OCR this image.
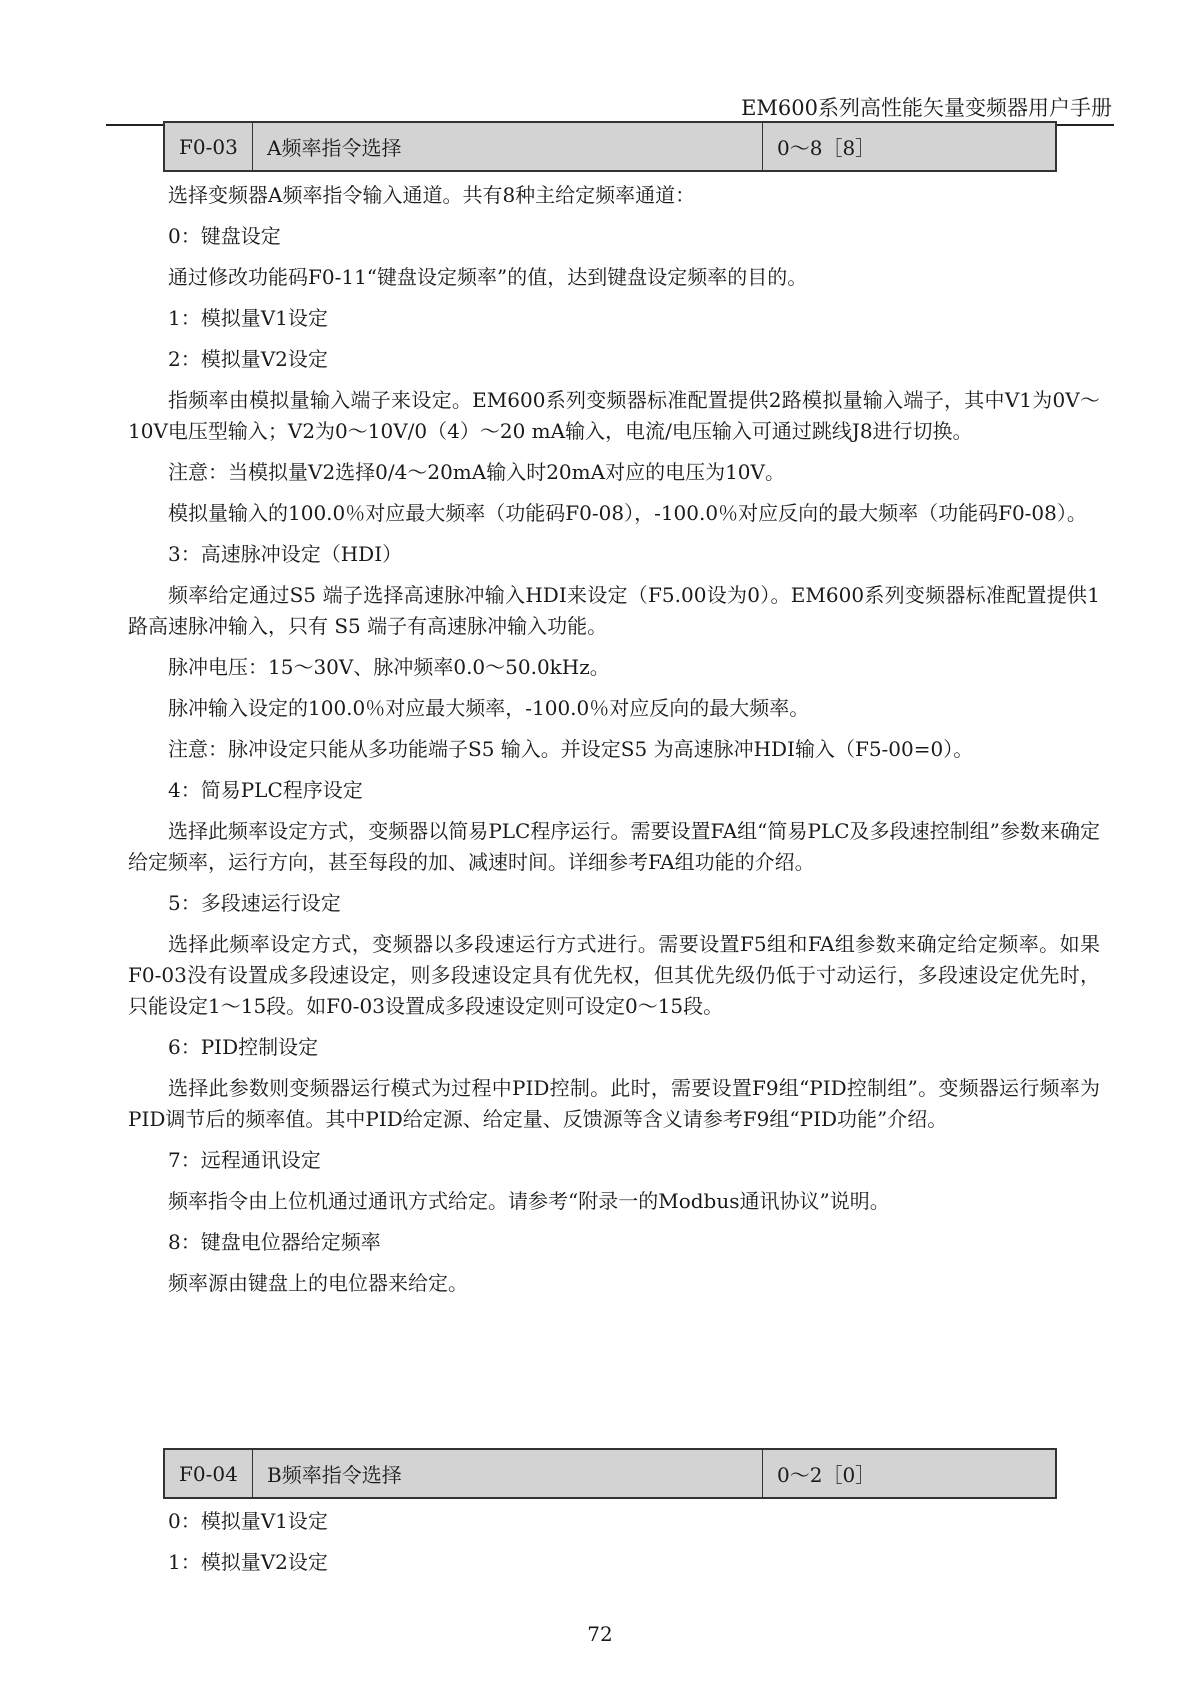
EM600系列高性能矢量变频器用户手册
F0-03	A频率指令选择	0～8［8］

选择变频器A频率指令输入通道。共有8种主给定频率通道：

0：键盘设定

通过修改功能码F0-11“键盘设定频率”的值，达到键盘设定频率的目的。

1：模拟量V1设定

2：模拟量V2设定

指频率由模拟量输入端子来设定。EM600系列变频器标准配置提供2路模拟量输入端子，其中V1为0V～10V电压型输入；V2为0～10V/0（4）～20 mA输入，电流/电压输入可通过跳线J8进行切换。

注意：当模拟量V2选择0/4～20mA输入时20mA对应的电压为10V。

模拟量输入的100.0％对应最大频率（功能码F0-08），-100.0％对应反向的最大频率（功能码F0-08）。

3：高速脉冲设定（HDI）

频率给定通过S5 端子选择高速脉冲输入HDI来设定（F5.00设为0）。EM600系列变频器标准配置提供1路高速脉冲输入，只有 S5 端子有高速脉冲输入功能。

脉冲电压：15～30V、脉冲频率0.0～50.0kHz。

脉冲输入设定的100.0％对应最大频率，-100.0％对应反向的最大频率。

注意：脉冲设定只能从多功能端子S5 输入。并设定S5 为高速脉冲HDI输入（F5-00=0）。

4：简易PLC程序设定

选择此频率设定方式，变频器以简易PLC程序运行。需要设置FA组“简易PLC及多段速控制组”参数来确定给定频率，运行方向，甚至每段的加、减速时间。详细参考FA组功能的介绍。

5：多段速运行设定

选择此频率设定方式，变频器以多段速运行方式进行。需要设置F5组和FA组参数来确定给定频率。如果F0-03没有设置成多段速设定，则多段速设定具有优先权，但其优先级仍低于寸动运行，多段速设定优先时，只能设定1～15段。如F0-03设置成多段速设定则可设定0～15段。

6：PID控制设定

选择此参数则变频器运行模式为过程中PID控制。此时，需要设置F9组“PID控制组”。变频器运行频率为PID调节后的频率值。其中PID给定源、给定量、反馈源等含义请参考F9组“PID功能”介绍。

7：远程通讯设定

频率指令由上位机通过通讯方式给定。请参考“附录一的Modbus通讯协议”说明。

8：键盘电位器给定频率

频率源由键盘上的电位器来给定。

F0-04	B频率指令选择	0～2［0］

0：模拟量V1设定

1：模拟量V2设定

72
